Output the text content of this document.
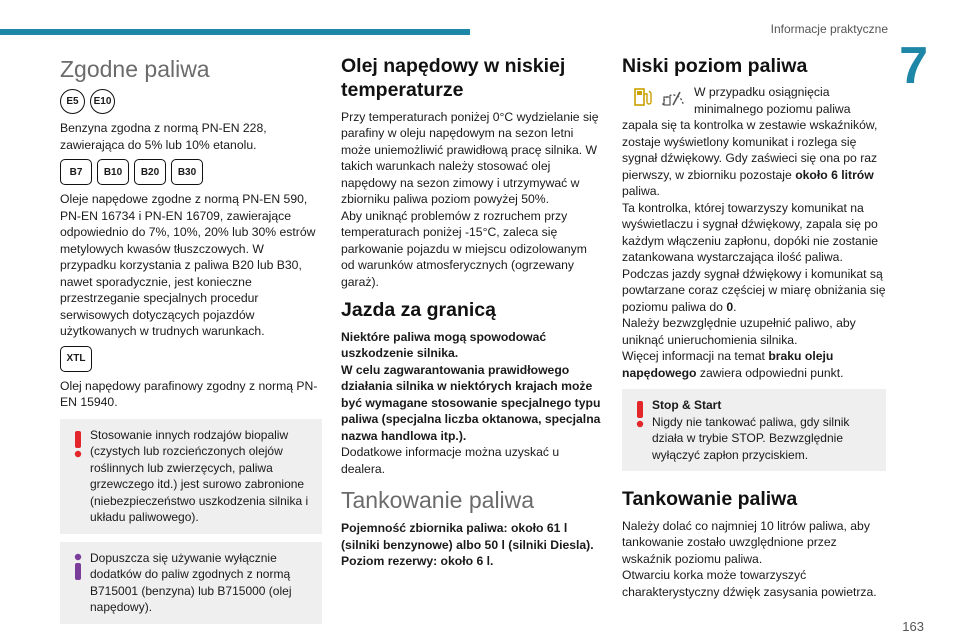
Informacje praktyczne
7
Zgodne paliwa
E5	E10

Benzyna zgodna z normą PN-EN 228, zawierająca do 5% lub 10% etanolu.

B7	B10	B20	B30

Oleje napędowe zgodne z normą PN-EN 590, PN-EN 16734 i PN-EN 16709, zawierające odpowiednio do 7%, 10%, 20% lub 30% estrów metylowych kwasów tłuszczowych. W przypadku korzystania z paliwa B20 lub B30, nawet sporadycznie, jest konieczne przestrzeganie specjalnych procedur serwisowych dotyczących pojazdów użytkowanych w trudnych warunkach.

XTL

Olej napędowy parafinowy zgodny z normą PN-EN 15940.

Stosowanie innych rodzajów biopaliw (czystych lub rozcieńczonych olejów roślinnych lub zwierzęcych, paliwa grzewczego itd.) jest surowo zabronione (niebezpieczeństwo uszkodzenia silnika i układu paliwowego).

Dopuszcza się używanie wyłącznie dodatków do paliw zgodnych z normą B715001 (benzyna) lub B715000 (olej napędowy).

Olej napędowy w niskiej temperaturze

Przy temperaturach poniżej 0°C wydzielanie się parafiny w oleju napędowym na sezon letni może uniemożliwić prawidłową pracę silnika. W takich warunkach należy stosować olej napędowy na sezon zimowy i utrzymywać w zbiorniku paliwa poziom powyżej 50%.

Aby uniknąć problemów z rozruchem przy temperaturach poniżej -15°C, zaleca się parkowanie pojazdu w miejscu odizolowanym od warunków atmosferycznych (ogrzewany garaż).

Jazda za granicą

Niektóre paliwa mogą spowodować uszkodzenie silnika.

W celu zagwarantowania prawidłowego działania silnika w niektórych krajach może być wymagane stosowanie specjalnego typu paliwa (specjalna liczba oktanowa, specjalna nazwa handlowa itp.).

Dodatkowe informacje można uzyskać u dealera.

Tankowanie paliwa

Pojemność zbiornika paliwa: około 61 l (silniki benzynowe) albo 50 l (silniki Diesla). Poziom rezerwy: około 6 l.

Niski poziom paliwa

W przypadku osiągnięcia minimalnego poziomu paliwa zapala się ta kontrolka w zestawie wskaźników, zostaje wyświetlony komunikat i rozlega się sygnał dźwiękowy. Gdy zaświeci się ona po raz pierwszy, w zbiorniku pozostaje około 6 litrów paliwa.

Ta kontrolka, której towarzyszy komunikat na wyświetlaczu i sygnał dźwiękowy, zapala się po każdym włączeniu zapłonu, dopóki nie zostanie zatankowana wystarczająca ilość paliwa.

Podczas jazdy sygnał dźwiękowy i komunikat są powtarzane coraz częściej w miarę obniżania się poziomu paliwa do 0.

Należy bezwzględnie uzupełnić paliwo, aby uniknąć unieruchomienia silnika.

Więcej informacji na temat braku oleju napędowego zawiera odpowiedni punkt.

Stop & Start

Nigdy nie tankować paliwa, gdy silnik działa w trybie STOP. Bezwzględnie wyłączyć zapłon przyciskiem.

Tankowanie paliwa

Należy dolać co najmniej 10 litrów paliwa, aby tankowanie zostało uwzględnione przez wskaźnik poziomu paliwa.

Otwarciu korka może towarzyszyć charakterystyczny dźwięk zasysania powietrza.

163
